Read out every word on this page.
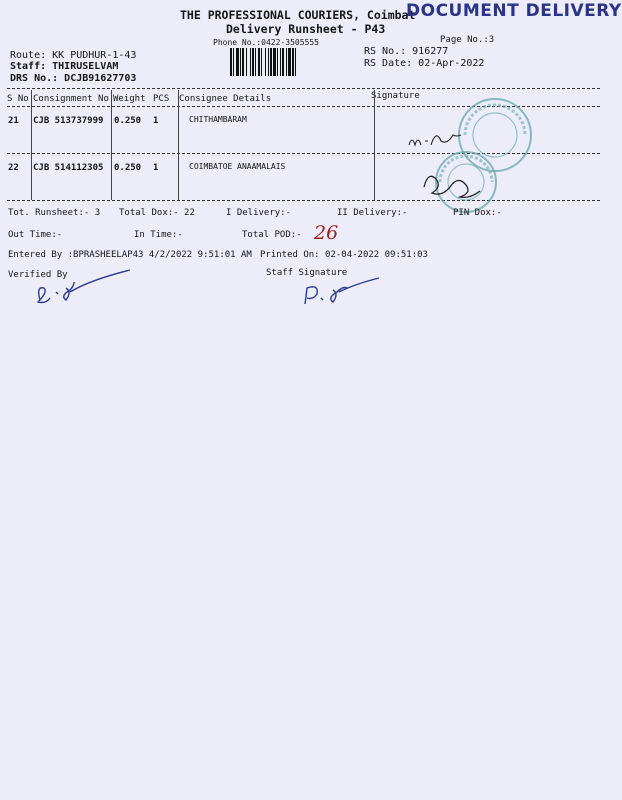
THE PROFESSIONAL COURIERS, Coimbat
DOCUMENT DELIVERY
Delivery Runsheet - P43
Phone No.:0422-3505555	Page No.:3
Route: KK PUDHUR-1-43
Staff: THIRUSELVAM
DRS No.: DCJB91627703
RS No.: 916277
RS Date: 02-Apr-2022
S No Consignment No Weight PCS Consignee Details	Signature
21 CJB 513737999 0.250 1	CHITHAMBARAM
22 CJB 514112305 0.250 1	COIMBATOE ANAAMALAIS
Tot. Runsheet:- 3 Total Dox:- 22	I Delivery:-	II Delivery:-	PIN Dox:-
Out Time:-	In Time:-	Total POD:- 26
Entered By :BPRASHEELAP43 4/2/2022 9:51:01 AM Printed On: 02-04-2022 09:51:03
Verified By	Staff Signature
